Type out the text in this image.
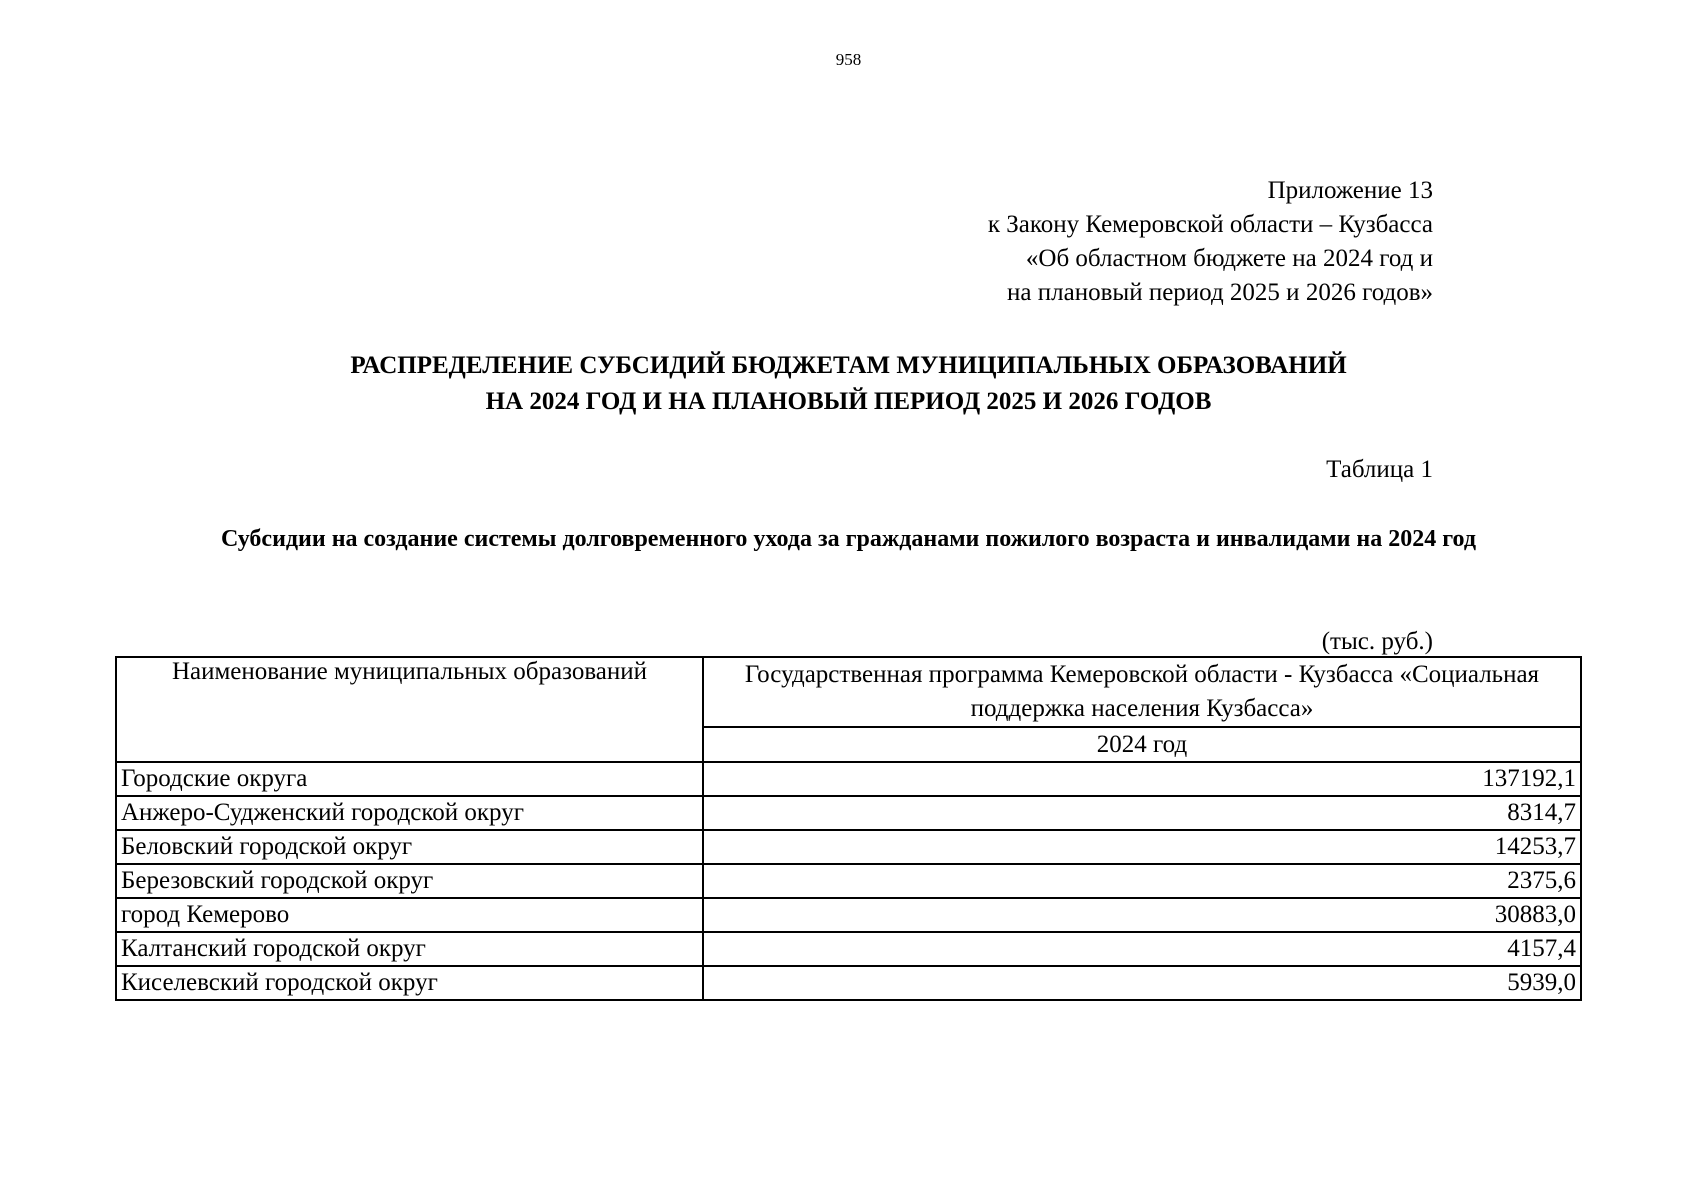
958
Приложение 13
к Закону Кемеровской области – Кузбасса
«Об областном бюджете на 2024 год и
на плановый период 2025 и 2026 годов»
РАСПРЕДЕЛЕНИЕ СУБСИДИЙ БЮДЖЕТАМ МУНИЦИПАЛЬНЫХ ОБРАЗОВАНИЙ
НА 2024 ГОД И НА ПЛАНОВЫЙ ПЕРИОД 2025 И 2026 ГОДОВ
Таблица 1
Субсидии на создание системы долговременного ухода за гражданами пожилого возраста и инвалидами на 2024 год
(тыс. руб.)
Наименование муниципальных образований	Государственная программа Кемеровской области - Кузбасса «Социальная поддержка населения Кузбасса»
	2024 год
Городские округа	137192,1
Анжеро-Судженский городской округ	8314,7
Беловский городской округ	14253,7
Березовский городской округ	2375,6
город Кемерово	30883,0
Калтанский городской округ	4157,4
Киселевский городской округ	5939,0
